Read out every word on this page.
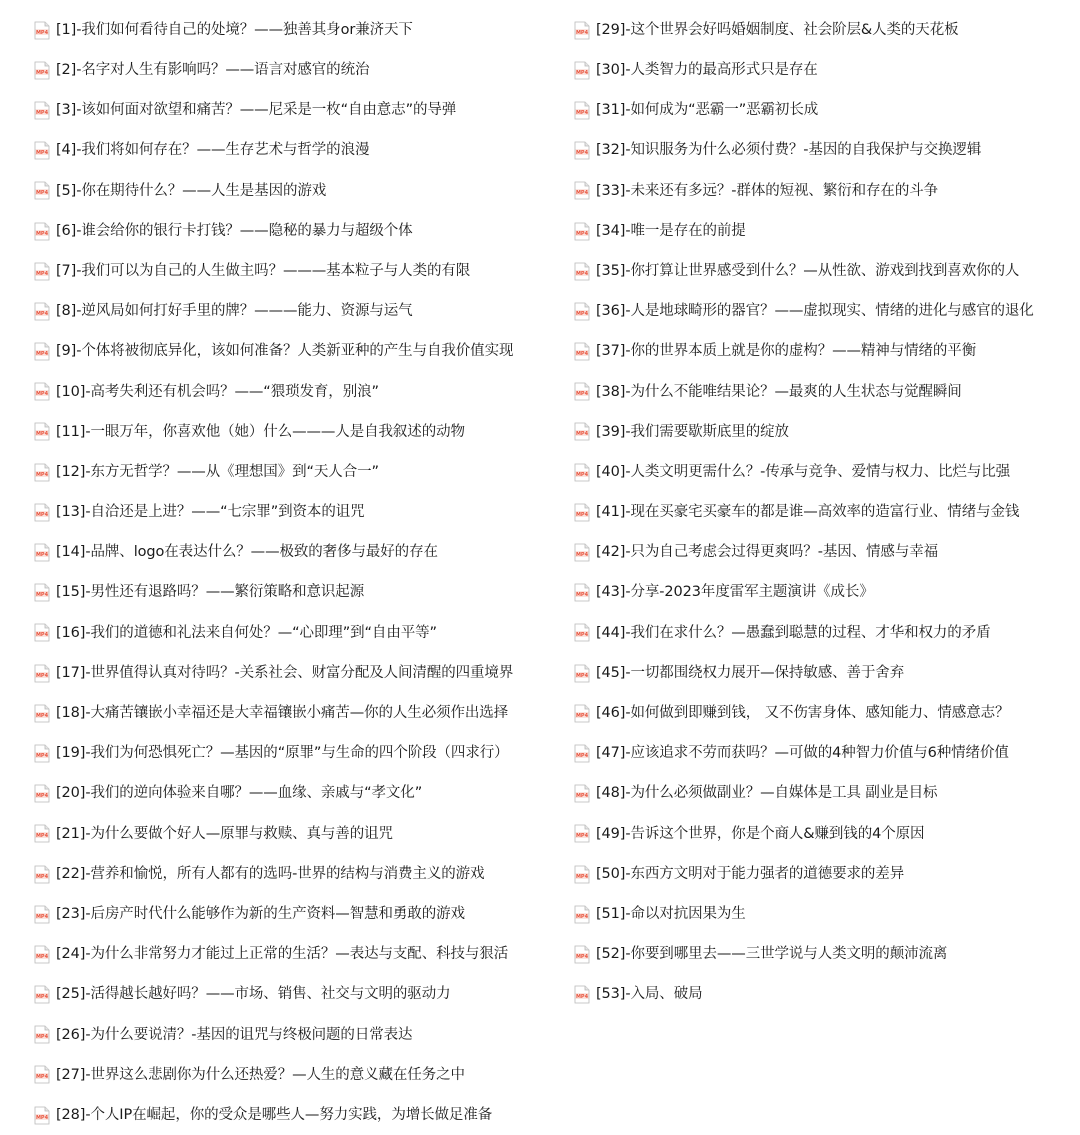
MP4 [1]-我们如何看待自己的处境？——独善其身or兼济天下
MP4 [2]-名字对人生有影响吗？——语言对感官的统治
MP4 [3]-该如何面对欲望和痛苦？——尼采是一枚“自由意志”的导弹
MP4 [4]-我们将如何存在？——生存艺术与哲学的浪漫
MP4 [5]-你在期待什么？——人生是基因的游戏
MP4 [6]-谁会给你的银行卡打钱？——隐秘的暴力与超级个体
MP4 [7]-我们可以为自己的人生做主吗？———基本粒子与人类的有限
MP4 [8]-逆风局如何打好手里的牌？———能力、资源与运气
MP4 [9]-个体将被彻底异化，该如何准备？人类新亚种的产生与自我价值实现
MP4 [10]-高考失利还有机会吗？——“猥琐发育，别浪”
MP4 [11]-一眼万年，你喜欢他（她）什么———人是自我叙述的动物
MP4 [12]-东方无哲学？——从《理想国》到“天人合一”
MP4 [13]-自洽还是上进？——“七宗罪”到资本的诅咒
MP4 [14]-品牌、logo在表达什么？——极致的奢侈与最好的存在
MP4 [15]-男性还有退路吗？——繁衍策略和意识起源
MP4 [16]-我们的道德和礼法来自何处？—“心即理”到“自由平等”
MP4 [17]-世界值得认真对待吗？-关系社会、财富分配及人间清醒的四重境界
MP4 [18]-大痛苦镶嵌小幸福还是大幸福镶嵌小痛苦—你的人生必须作出选择
MP4 [19]-我们为何恐惧死亡？—基因的“原罪”与生命的四个阶段（四求行）
MP4 [20]-我们的逆向体验来自哪？——血缘、亲戚与“孝文化”
MP4 [21]-为什么要做个好人—原罪与救赎、真与善的诅咒
MP4 [22]-营养和愉悦，所有人都有的选吗-世界的结构与消费主义的游戏
MP4 [23]-后房产时代什么能够作为新的生产资料—智慧和勇敢的游戏
MP4 [24]-为什么非常努力才能过上正常的生活？—表达与支配、科技与狠活
MP4 [25]-活得越长越好吗？——市场、销售、社交与文明的驱动力
MP4 [26]-为什么要说清？-基因的诅咒与终极问题的日常表达
MP4 [27]-世界这么悲剧你为什么还热爱？—人生的意义藏在任务之中
MP4 [28]-个人IP在崛起，你的受众是哪些人—努力实践，为增长做足准备
MP4 [29]-这个世界会好吗婚姻制度、社会阶层&人类的天花板
MP4 [30]-人类智力的最高形式只是存在
MP4 [31]-如何成为“恶霸一”恶霸初长成
MP4 [32]-知识服务为什么必须付费？-基因的自我保护与交换逻辑
MP4 [33]-未来还有多远？-群体的短视、繁衍和存在的斗争
MP4 [34]-唯一是存在的前提
MP4 [35]-你打算让世界感受到什么？—从性欲、游戏到找到喜欢你的人
MP4 [36]-人是地球畸形的器官？——虚拟现实、情绪的进化与感官的退化
MP4 [37]-你的世界本质上就是你的虚构？——精神与情绪的平衡
MP4 [38]-为什么不能唯结果论？—最爽的人生状态与觉醒瞬间
MP4 [39]-我们需要歇斯底里的绽放
MP4 [40]-人类文明更需什么？-传承与竞争、爱情与权力、比烂与比强
MP4 [41]-现在买豪宅买豪车的都是谁—高效率的造富行业、情绪与金钱
MP4 [42]-只为自己考虑会过得更爽吗？-基因、情感与幸福
MP4 [43]-分享-2023年度雷军主题演讲《成长》
MP4 [44]-我们在求什么？—愚蠢到聪慧的过程、才华和权力的矛盾
MP4 [45]-一切都围绕权力展开—保持敏感、善于舍弃
MP4 [46]-如何做到即赚到钱， 又不伤害身体、感知能力、情感意志？
MP4 [47]-应该追求不劳而获吗？—可做的4种智力价值与6种情绪价值
MP4 [48]-为什么必须做副业？—自媒体是工具 副业是目标
MP4 [49]-告诉这个世界，你是个商人&赚到钱的4个原因
MP4 [50]-东西方文明对于能力强者的道德要求的差异
MP4 [51]-命以对抗因果为生
MP4 [52]-你要到哪里去——三世学说与人类文明的颠沛流离
MP4 [53]-入局、破局
